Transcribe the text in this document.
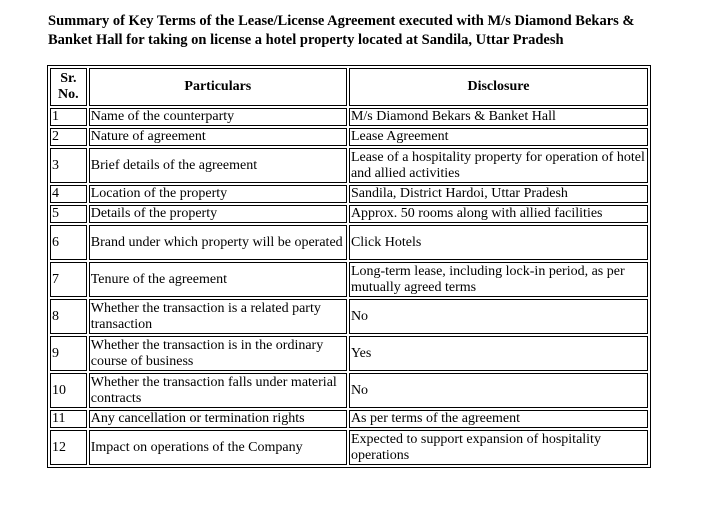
Summary of Key Terms of the Lease/License Agreement executed with M/s Diamond Bekars &
Banket Hall for taking on license a hotel property located at Sandila, Uttar Pradesh
Sr.
No.	Particulars	Disclosure
1	Name of the counterparty	M/s Diamond Bekars & Banket Hall
2	Nature of agreement	Lease Agreement
3	Brief details of the agreement	Lease of a hospitality property for operation of hotel and allied activities
4	Location of the property	Sandila, District Hardoi, Uttar Pradesh
5	Details of the property	Approx. 50 rooms along with allied facilities
6	Brand under which property will be operated	Click Hotels
7	Tenure of the agreement	Long-term lease, including lock-in period, as per mutually agreed terms
8	Whether the transaction is a related party transaction	No
9	Whether the transaction is in the ordinary course of business	Yes
10	Whether the transaction falls under material contracts	No
11	Any cancellation or termination rights	As per terms of the agreement
12	Impact on operations of the Company	Expected to support expansion of hospitality operations
